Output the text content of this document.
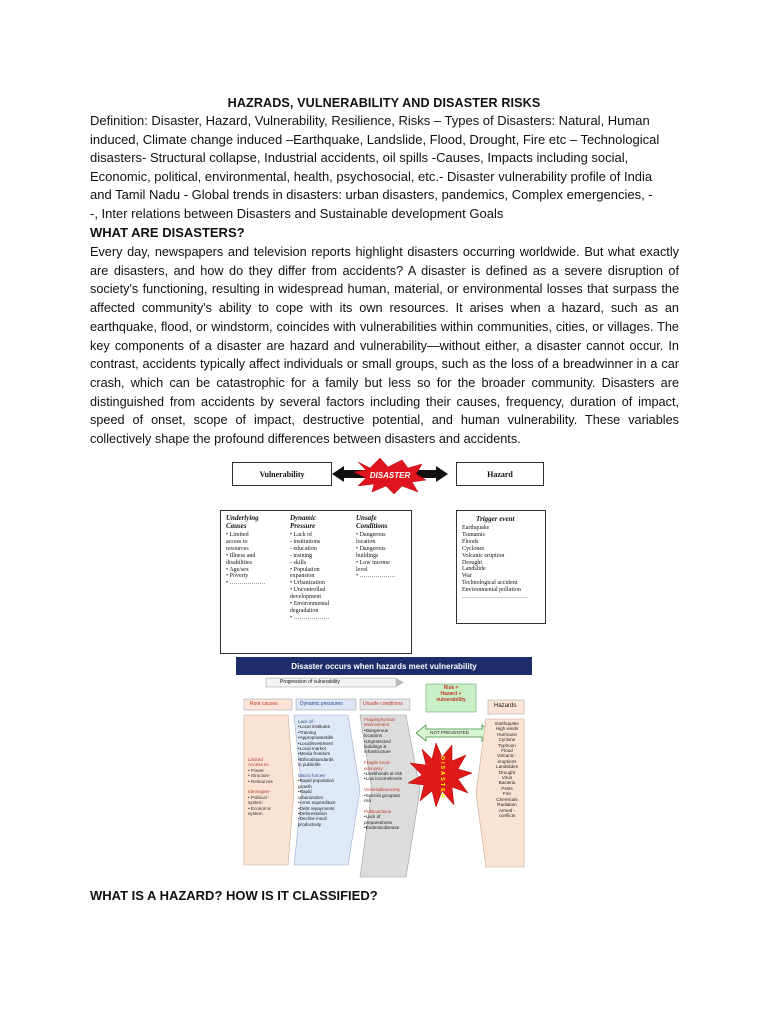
HAZRADS, VULNERABILITY AND DISASTER RISKS
Definition: Disaster, Hazard, Vulnerability, Resilience, Risks – Types of Disasters: Natural, Human
induced, Climate change induced –Earthquake, Landslide, Flood, Drought, Fire etc – Technological
disasters- Structural collapse, Industrial accidents, oil spills -Causes, Impacts including social,
Economic, political, environmental, health, psychosocial, etc.- Disaster vulnerability profile of India
and Tamil Nadu - Global trends in disasters: urban disasters, pandemics, Complex emergencies, -
-, Inter relations between Disasters and Sustainable development Goals
WHAT ARE DISASTERS?
Every day, newspapers and television reports highlight disasters occurring worldwide. But what exactly are disasters, and how do they differ from accidents? A disaster is defined as a severe disruption of society's functioning, resulting in widespread human, material, or environmental losses that surpass the affected community's ability to cope with its own resources. It arises when a hazard, such as an earthquake, flood, or windstorm, coincides with vulnerabilities within communities, cities, or villages. The key components of a disaster are hazard and vulnerability—without either, a disaster cannot occur. In contrast, accidents typically affect individuals or small groups, such as the loss of a breadwinner in a car crash, which can be catastrophic for a family but less so for the broader community. Disasters are distinguished from accidents by several factors including their causes, frequency, duration of impact, speed of onset, scope of impact, destructive potential, and human vulnerability. These variables collectively shape the profound differences between disasters and accidents.
Vulnerability	Hazard
DISASTER
Underlying
Causes
• Limited
access to
resources
• Illness and
disabilities
• Age/sex
• Poverty
• ………………
Dynamic
Pressure
• Lack of
- institutions
- education
- training
- skills
• Population
expansion
• Urbanization
• Uncontrolled
development
• Environmental
degradation
• ………………
Unsafe
Conditions
• Dangerous
location
• Dangerous
buildings
• Low income
level
• ………………
Trigger event
Earthquake
Tsunamis
Floods
Cyclones
Volcanic eruption
Drought
Landslide
War
Technological accident
Environmental pollution
……………………………
Disaster occurs when hazards meet vulnerability
Progression of vulnerability
Root causes	Dynamic pressures	Unsafe conditions	Hazards
Risk =
Hazard +
vulnerability
NOT PREVENTED
DISASTER
Limited
Access to-
• Power
• Structure
• Resources

Ideologies-
• Political -
system
• Economic
system
Lack of -
•Local institutes
•Training
•Appropriateskills
•Localinvestment
•Local market
•Media freedom
•Ethicalstandards
in publiclife

Macro forces-
•Rapid population
growth
•Rapid
urbanization
•Arms expenditure
•Debt repayments
•Deforestation
•Decline insoil
productivity
Fragilephysical
environment
•Dangerous
locations
•Unprotected
buildings &
infrastructure

Fragile local-
economy
•Livelihoods at risk
•Low incomelevels

Vulnerablesociety
•Special groupsat
risk

Publicactions
•Lack of
preparedness
•Endemicdisease
Earthquake
High winds
Hurricane
Cyclone
Typhoon
Flood
Volcanic -
eruptions
Landslides
Drought
Virus
Bacteria
Pests
Fire
Chemicals
Radiation
Armed -
conflicts
WHAT IS A HAZARD? HOW IS IT CLASSIFIED?
